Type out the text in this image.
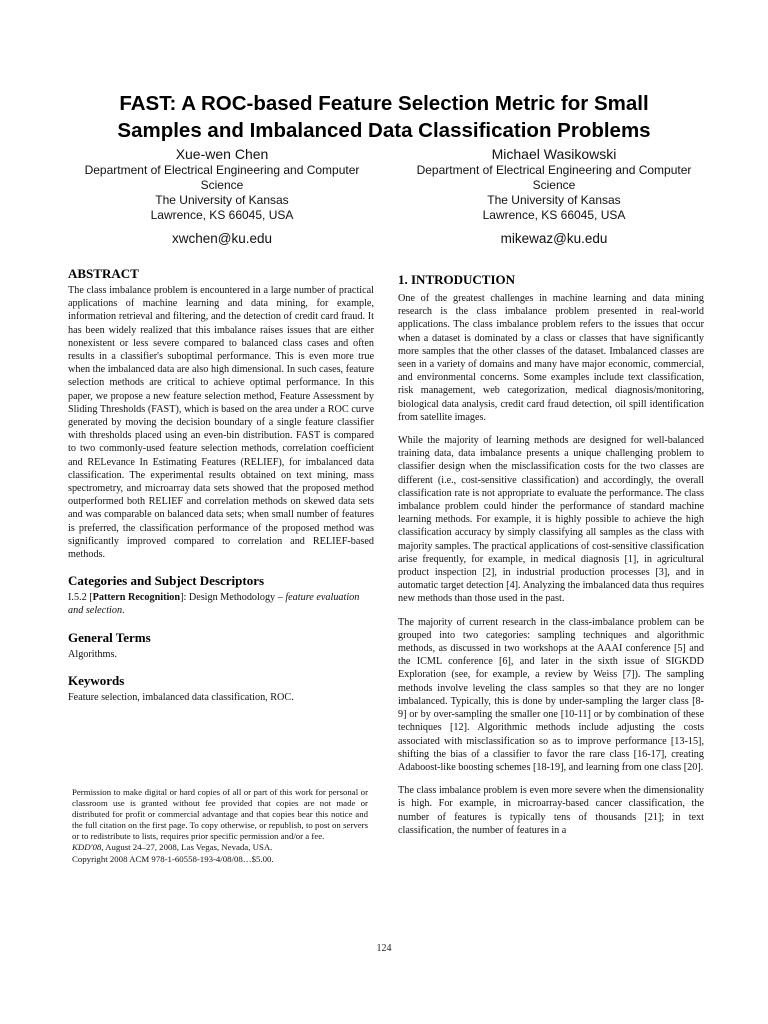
FAST: A ROC-based Feature Selection Metric for Small
Samples and Imbalanced Data Classification Problems
Xue-wen Chen
Department of Electrical Engineering and Computer
Science
The University of Kansas
Lawrence, KS 66045, USA
xwchen@ku.edu
Michael Wasikowski
Department of Electrical Engineering and Computer
Science
The University of Kansas
Lawrence, KS 66045, USA
mikewaz@ku.edu
ABSTRACT

The class imbalance problem is encountered in a large number of practical applications of machine learning and data mining, for example, information retrieval and filtering, and the detection of credit card fraud. It has been widely realized that this imbalance raises issues that are either nonexistent or less severe compared to balanced class cases and often results in a classifier's suboptimal performance. This is even more true when the imbalanced data are also high dimensional. In such cases, feature selection methods are critical to achieve optimal performance. In this paper, we propose a new feature selection method, Feature Assessment by Sliding Thresholds (FAST), which is based on the area under a ROC curve generated by moving the decision boundary of a single feature classifier with thresholds placed using an even-bin distribution. FAST is compared to two commonly-used feature selection methods, correlation coefficient and RELevance In Estimating Features (RELIEF), for imbalanced data classification. The experimental results obtained on text mining, mass spectrometry, and microarray data sets showed that the proposed method outperformed both RELIEF and correlation methods on skewed data sets and was comparable on balanced data sets; when small number of features is preferred, the classification performance of the proposed method was significantly improved compared to correlation and RELIEF-based methods.

Categories and Subject Descriptors

I.5.2 [Pattern Recognition]: Design Methodology – feature evaluation and selection.

General Terms

Algorithms.

Keywords

Feature selection, imbalanced data classification, ROC.

Permission to make digital or hard copies of all or part of this work for personal or classroom use is granted without fee provided that copies are not made or distributed for profit or commercial advantage and that copies bear this notice and the full citation on the first page. To copy otherwise, or republish, to post on servers or to redistribute to lists, requires prior specific permission and/or a fee.
KDD'08, August 24–27, 2008, Las Vegas, Nevada, USA.
Copyright 2008 ACM 978-1-60558-193-4/08/08…$5.00.
1. INTRODUCTION

One of the greatest challenges in machine learning and data mining research is the class imbalance problem presented in real-world applications. The class imbalance problem refers to the issues that occur when a dataset is dominated by a class or classes that have significantly more samples that the other classes of the dataset. Imbalanced classes are seen in a variety of domains and many have major economic, commercial, and environmental concerns. Some examples include text classification, risk management, web categorization, medical diagnosis/monitoring, biological data analysis, credit card fraud detection, oil spill identification from satellite images.

While the majority of learning methods are designed for well-balanced training data, data imbalance presents a unique challenging problem to classifier design when the misclassification costs for the two classes are different (i.e., cost-sensitive classification) and accordingly, the overall classification rate is not appropriate to evaluate the performance. The class imbalance problem could hinder the performance of standard machine learning methods. For example, it is highly possible to achieve the high classification accuracy by simply classifying all samples as the class with majority samples. The practical applications of cost-sensitive classification arise frequently, for example, in medical diagnosis [1], in agricultural product inspection [2], in industrial production processes [3], and in automatic target detection [4]. Analyzing the imbalanced data thus requires new methods than those used in the past.

The majority of current research in the class-imbalance problem can be grouped into two categories: sampling techniques and algorithmic methods, as discussed in two workshops at the AAAI conference [5] and the ICML conference [6], and later in the sixth issue of SIGKDD Exploration (see, for example, a review by Weiss [7]). The sampling methods involve leveling the class samples so that they are no longer imbalanced. Typically, this is done by under-sampling the larger class [8-9] or by over-sampling the smaller one [10-11] or by combination of these techniques [12]. Algorithmic methods include adjusting the costs associated with misclassification so as to improve performance [13-15], shifting the bias of a classifier to favor the rare class [16-17], creating Adaboost-like boosting schemes [18-19], and learning from one class [20].

The class imbalance problem is even more severe when the dimensionality is high. For example, in microarray-based cancer classification, the number of features is typically tens of thousands [21]; in text classification, the number of features in a

124
